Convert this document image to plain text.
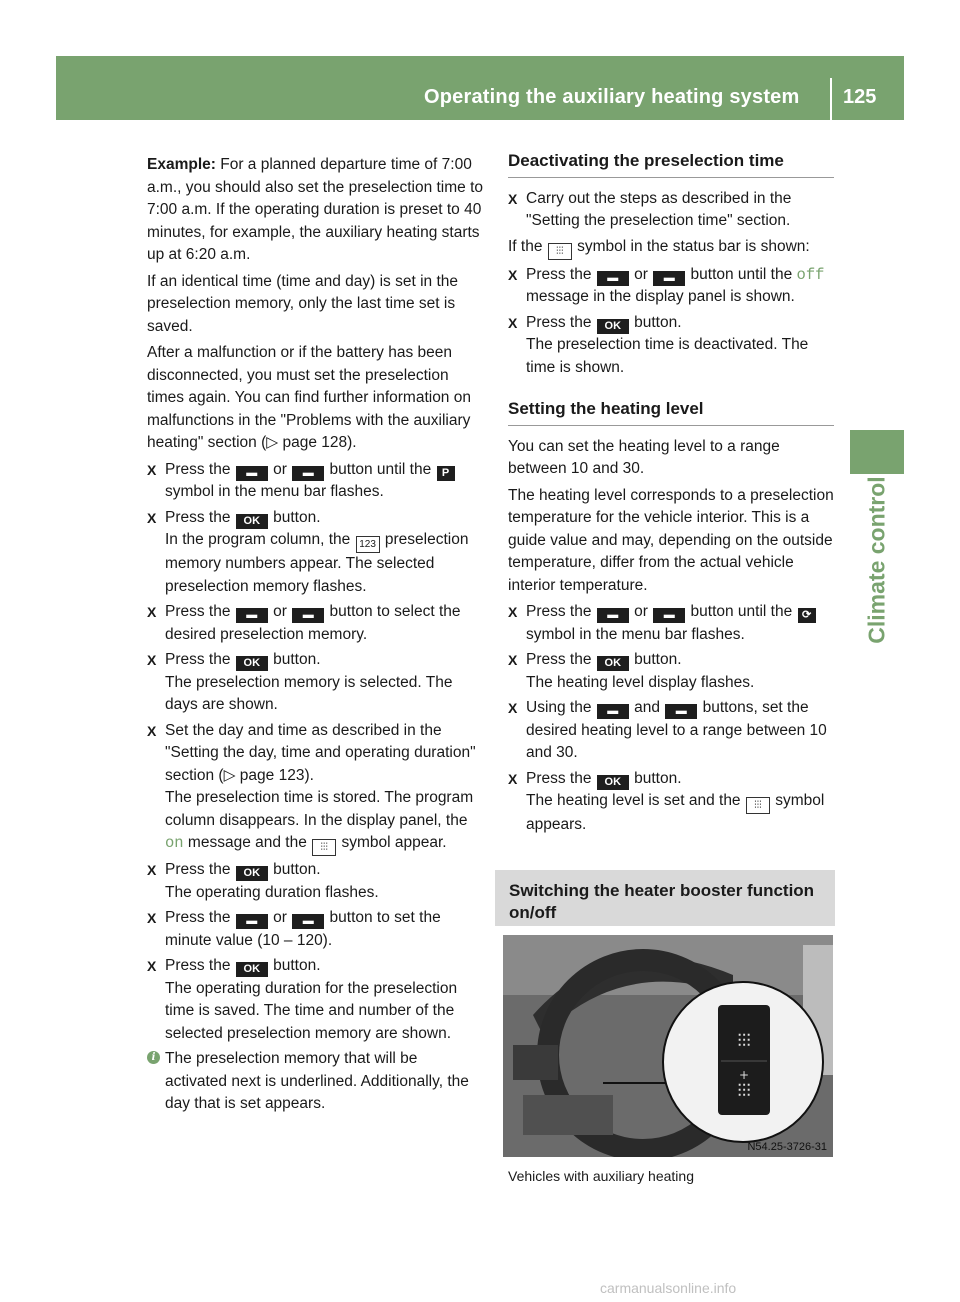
Operating the auxiliary heating system 125
Climate control

Example: For a planned departure time of 7:00 a.m., you should also set the preselection time to 7:00 a.m. If the operating duration is preset to 40 minutes, for example, the auxiliary heating starts up at 6:20 a.m.

If an identical time (time and day) is set in the preselection memory, only the last time set is saved.

After a malfunction or if the battery has been disconnected, you must set the preselection times again. You can find further information on malfunctions in the "Problems with the auxiliary heating" section (▷ page 128).

X Press the ▬ or ▬ button until the P symbol in the menu bar flashes.
X Press the OK button.
In the program column, the 123 preselection memory numbers appear. The selected preselection memory flashes.
X Press the ▬ or ▬ button to select the desired preselection memory.
X Press the OK button.
The preselection memory is selected. The days are shown.
X Set the day and time as described in the "Setting the day, time and operating duration" section (▷ page 123).
The preselection time is stored. The program column disappears. In the display panel, the on message and the ⫶⫶⫶ symbol appear.
X Press the OK button.
The operating duration flashes.
X Press the ▬ or ▬ button to set the minute value (10 – 120).
X Press the OK button.
The operating duration for the preselection time is saved. The time and number of the selected preselection memory are shown.
i The preselection memory that will be activated next is underlined. Additionally, the day that is set appears.
Deactivating the preselection time
X Carry out the steps as described in the "Setting the preselection time" section.

If the ⫶⫶⫶ symbol in the status bar is shown:

X Press the ▬ or ▬ button until the off message in the display panel is shown.
X Press the OK button.
The preselection time is deactivated. The time is shown.
Setting the heating level

You can set the heating level to a range between 10 and 30.

The heating level corresponds to a preselection temperature for the vehicle interior. This is a guide value and may, depending on the outside temperature, differ from the actual vehicle interior temperature.

X Press the ▬ or ▬ button until the ⟳ symbol in the menu bar flashes.
X Press the OK button.
The heating level display flashes.
X Using the ▬ and ▬ buttons, set the desired heating level to a range between 10 and 30.
X Press the OK button.
The heating level is set and the ⫶⫶⫶ symbol appears.
Switching the heater booster function on/off
⫶⫶⫶
⫶⫶⫶
+
N54.25-3726-31
Vehicles with auxiliary heating
carmanualsonline.info
